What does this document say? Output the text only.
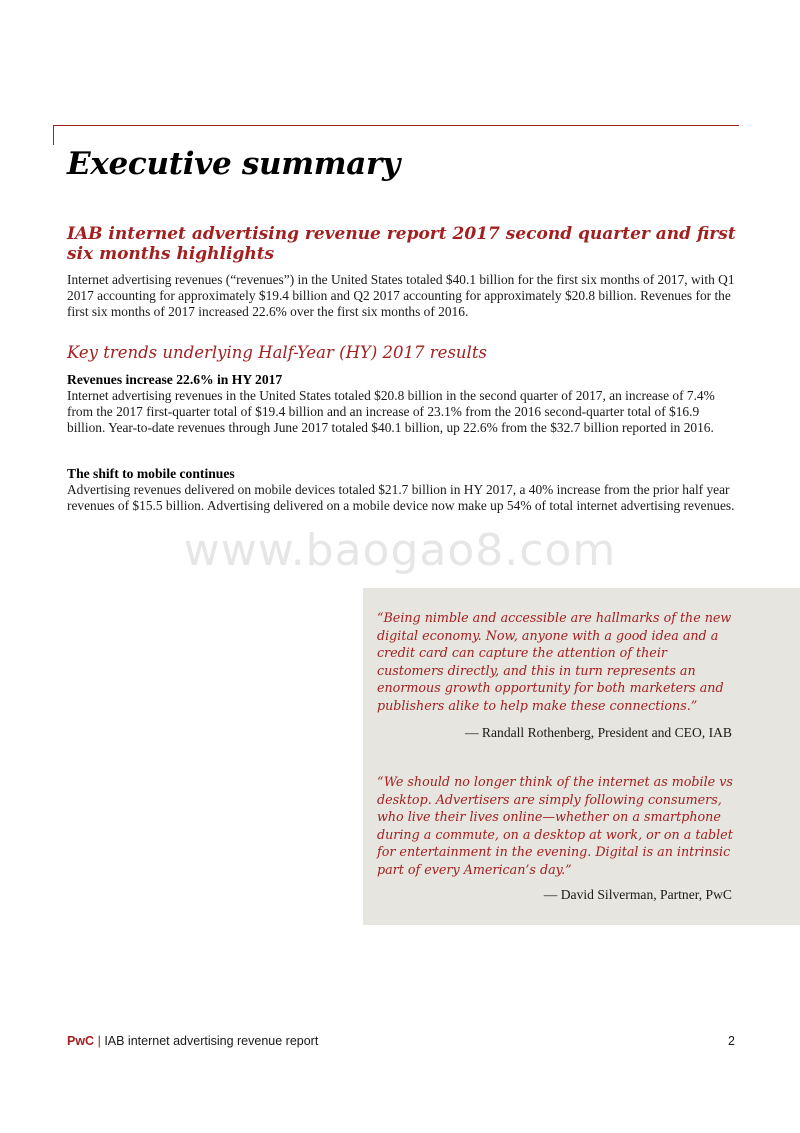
Executive summary
IAB internet advertising revenue report 2017 second quarter and first six months highlights

Internet advertising revenues (“revenues”) in the United States totaled $40.1 billion for the first six months of 2017, with Q1 2017 accounting for approximately $19.4 billion and Q2 2017 accounting for approximately $20.8 billion. Revenues for the first six months of 2017 increased 22.6% over the first six months of 2016.

Key trends underlying Half-Year (HY) 2017 results
Revenues increase 22.6% in HY 2017

Internet advertising revenues in the United States totaled $20.8 billion in the second quarter of 2017, an increase of 7.4% from the 2017 first-quarter total of $19.4 billion and an increase of 23.1% from the 2016 second-quarter total of $16.9 billion. Year-to-date revenues through June 2017 totaled $40.1 billion, up 22.6% from the $32.7 billion reported in 2016.

The shift to mobile continues

Advertising revenues delivered on mobile devices totaled $21.7 billion in HY 2017, a 40% increase from the prior half year revenues of $15.5 billion. Advertising delivered on a mobile device now make up 54% of total internet advertising revenues.

www.baogao8.com

“Being nimble and accessible are hallmarks of the new digital economy. Now, anyone with a good idea and a credit card can capture the attention of their customers directly, and this in turn represents an enormous growth opportunity for both marketers and publishers alike to help make these connections.”

— Randall Rothenberg, President and CEO, IAB

“We should no longer think of the internet as mobile vs desktop. Advertisers are simply following consumers, who live their lives online—whether on a smartphone during a commute, on a desktop at work, or on a tablet for entertainment in the evening. Digital is an intrinsic part of every American’s day.”

— David Silverman, Partner, PwC

PwC | IAB internet advertising revenue report	2
